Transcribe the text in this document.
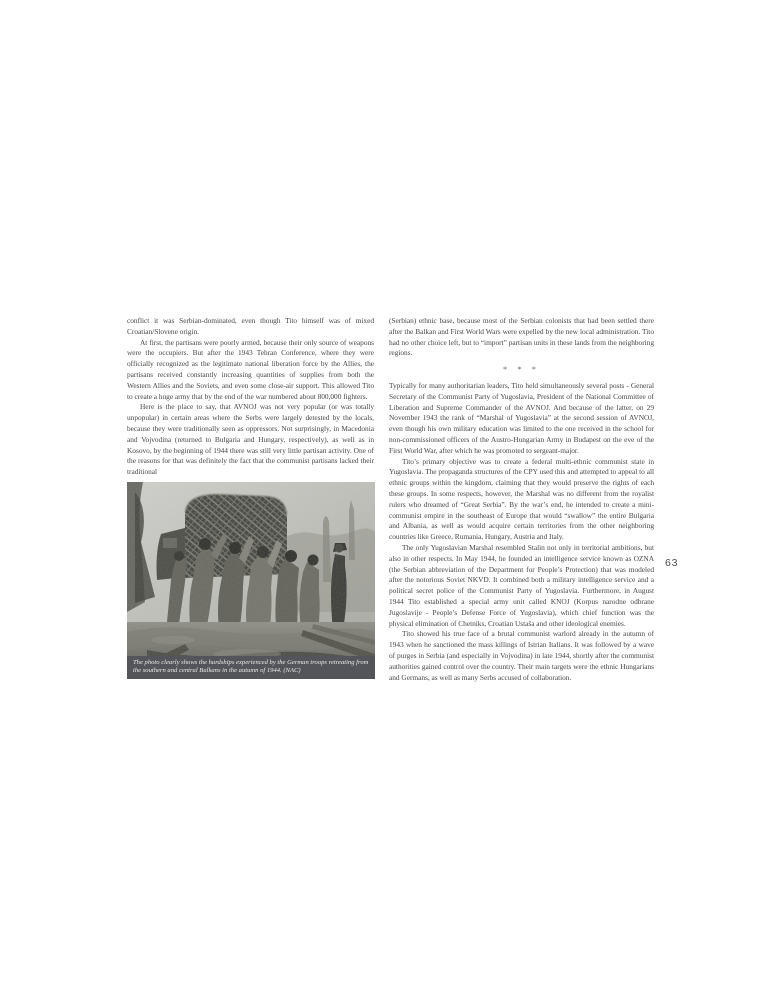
conflict it was Serbian-dominated, even though Tito himself was of mixed Croatian/Slovene origin.

At first, the partisans were poorly armed, because their only source of weapons were the occupiers. But after the 1943 Tehran Conference, where they were officially recognized as the legitimate national liberation force by the Allies, the partisans received constantly increasing quantities of supplies from both the Western Allies and the Soviets, and even some close-air support. This allowed Tito to create a huge army that by the end of the war numbered about 800,000 fighters.

Here is the place to say, that AVNOJ was not very popular (or was totally unpopular) in certain areas where the Serbs were largely detested by the locals, because they were traditionally seen as oppressors. Not surprisingly, in Macedonia and Vojvodina (returned to Bulgaria and Hungary, respectively), as well as in Kosovo, by the beginning of 1944 there was still very little partisan activity. One of the reasons for that was definitely the fact that the communist partisans lacked their traditional

(Serbian) ethnic base, because most of the Serbian colonists that had been settled there after the Balkan and First World Wars were expelled by the new local administration. Tito had no other choice left, but to “import” partisan units in these lands from the neighboring regions.

* * *

Typically for many authoritarian leaders, Tito held simultaneously several posts - General Secretary of the Communist Party of Yugoslavia, President of the National Committee of Liberation and Supreme Commander of the AVNOJ. And because of the latter, on 29 November 1943 the rank of “Marshal of Yugoslavia” at the second session of AVNOJ, even though his own military education was limited to the one received in the school for non-commissioned officers of the Austro-Hungarian Army in Budapest on the eve of the First World War, after which he was promoted to sergeant-major.

Tito’s primary objective was to create a federal multi-ethnic communist state in Yugoslavia. The propaganda structures of the CPY used this and attempted to appeal to all ethnic groups within the kingdom, claiming that they would preserve the rights of each these groups. In some respects, however, the Marshal was no different from the royalist rulers who dreamed of “Great Serbia”. By the war’s end, he intended to create a mini-communist empire in the southeast of Europe that would “swallow” the entire Bulgaria and Albania, as well as would acquire certain territories from the other neighboring countries like Greece, Rumania, Hungary, Austria and Italy.

The only Yugoslavian Marshal resembled Stalin not only in territorial ambitions, but also in other respects. In May 1944, he founded an intelligence service known as OZNA (the Serbian abbreviation of the Department for People’s Protection) that was modeled after the notorious Soviet NKVD. It combined both a military intelligence service and a political secret police of the Communist Party of Yugoslavia. Furthermore, in August 1944 Tito established a special army unit called KNOJ (Korpus narodne odbrane Jugoslavije - People’s Defense Force of Yugoslavia), which chief function was the physical elimination of Chetniks, Croatian Ustaša and other ideological enemies.

Tito showed his true face of a brutal communist warlord already in the autumn of 1943 when he sanctioned the mass killings of Istrian Italians. It was followed by a wave of purges in Serbia (and especially in Vojvodina) in late 1944, shortly after the communist authorities gained control over the country. Their main targets were the ethnic Hungarians and Germans, as well as many Serbs accused of collaboration.

The photo clearly shows the hardships experienced by the German troops retreating from the southern and central Balkans in the autumn of 1944. (NAC)
63
